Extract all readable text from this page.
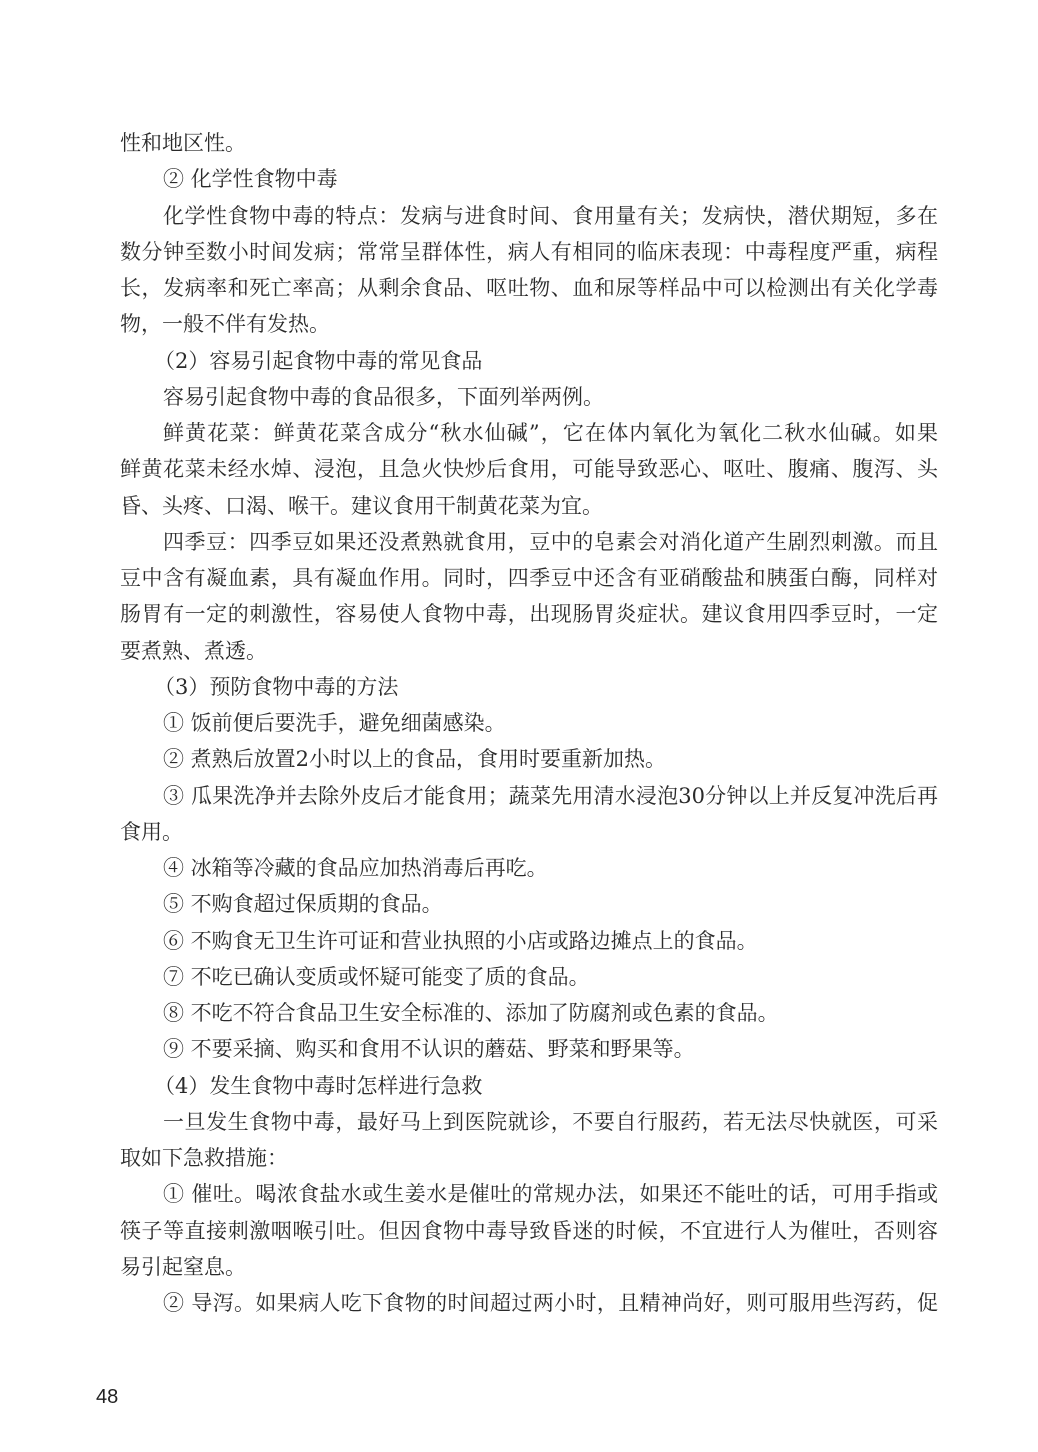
性和地区性。
② 化学性食物中毒
化学性食物中毒的特点：发病与进食时间、食用量有关；发病快，潜伏期短，多在
数分钟至数小时间发病；常常呈群体性，病人有相同的临床表现：中毒程度严重，病程
长，发病率和死亡率高；从剩余食品、呕吐物、血和尿等样品中可以检测出有关化学毒
物，一般不伴有发热。
（2）容易引起食物中毒的常见食品
容易引起食物中毒的食品很多，下面列举两例。
鲜黄花菜：鲜黄花菜含成分“秋水仙碱”，它在体内氧化为氧化二秋水仙碱。如果
鲜黄花菜未经水焯、浸泡，且急火快炒后食用，可能导致恶心、呕吐、腹痛、腹泻、头
昏、头疼、口渴、喉干。建议食用干制黄花菜为宜。
四季豆：四季豆如果还没煮熟就食用，豆中的皂素会对消化道产生剧烈刺激。而且
豆中含有凝血素，具有凝血作用。同时，四季豆中还含有亚硝酸盐和胰蛋白酶，同样对
肠胃有一定的刺激性，容易使人食物中毒，出现肠胃炎症状。建议食用四季豆时，一定
要煮熟、煮透。
（3）预防食物中毒的方法
① 饭前便后要洗手，避免细菌感染。
② 煮熟后放置2小时以上的食品，食用时要重新加热。
③ 瓜果洗净并去除外皮后才能食用；蔬菜先用清水浸泡30分钟以上并反复冲洗后再
食用。
④ 冰箱等冷藏的食品应加热消毒后再吃。
⑤ 不购食超过保质期的食品。
⑥ 不购食无卫生许可证和营业执照的小店或路边摊点上的食品。
⑦ 不吃已确认变质或怀疑可能变了质的食品。
⑧ 不吃不符合食品卫生安全标准的、添加了防腐剂或色素的食品。
⑨ 不要采摘、购买和食用不认识的蘑菇、野菜和野果等。
（4）发生食物中毒时怎样进行急救
一旦发生食物中毒，最好马上到医院就诊，不要自行服药，若无法尽快就医，可采
取如下急救措施：
① 催吐。喝浓食盐水或生姜水是催吐的常规办法，如果还不能吐的话，可用手指或
筷子等直接刺激咽喉引吐。但因食物中毒导致昏迷的时候，不宜进行人为催吐，否则容
易引起窒息。
② 导泻。如果病人吃下食物的时间超过两小时，且精神尚好，则可服用些泻药，促
48
